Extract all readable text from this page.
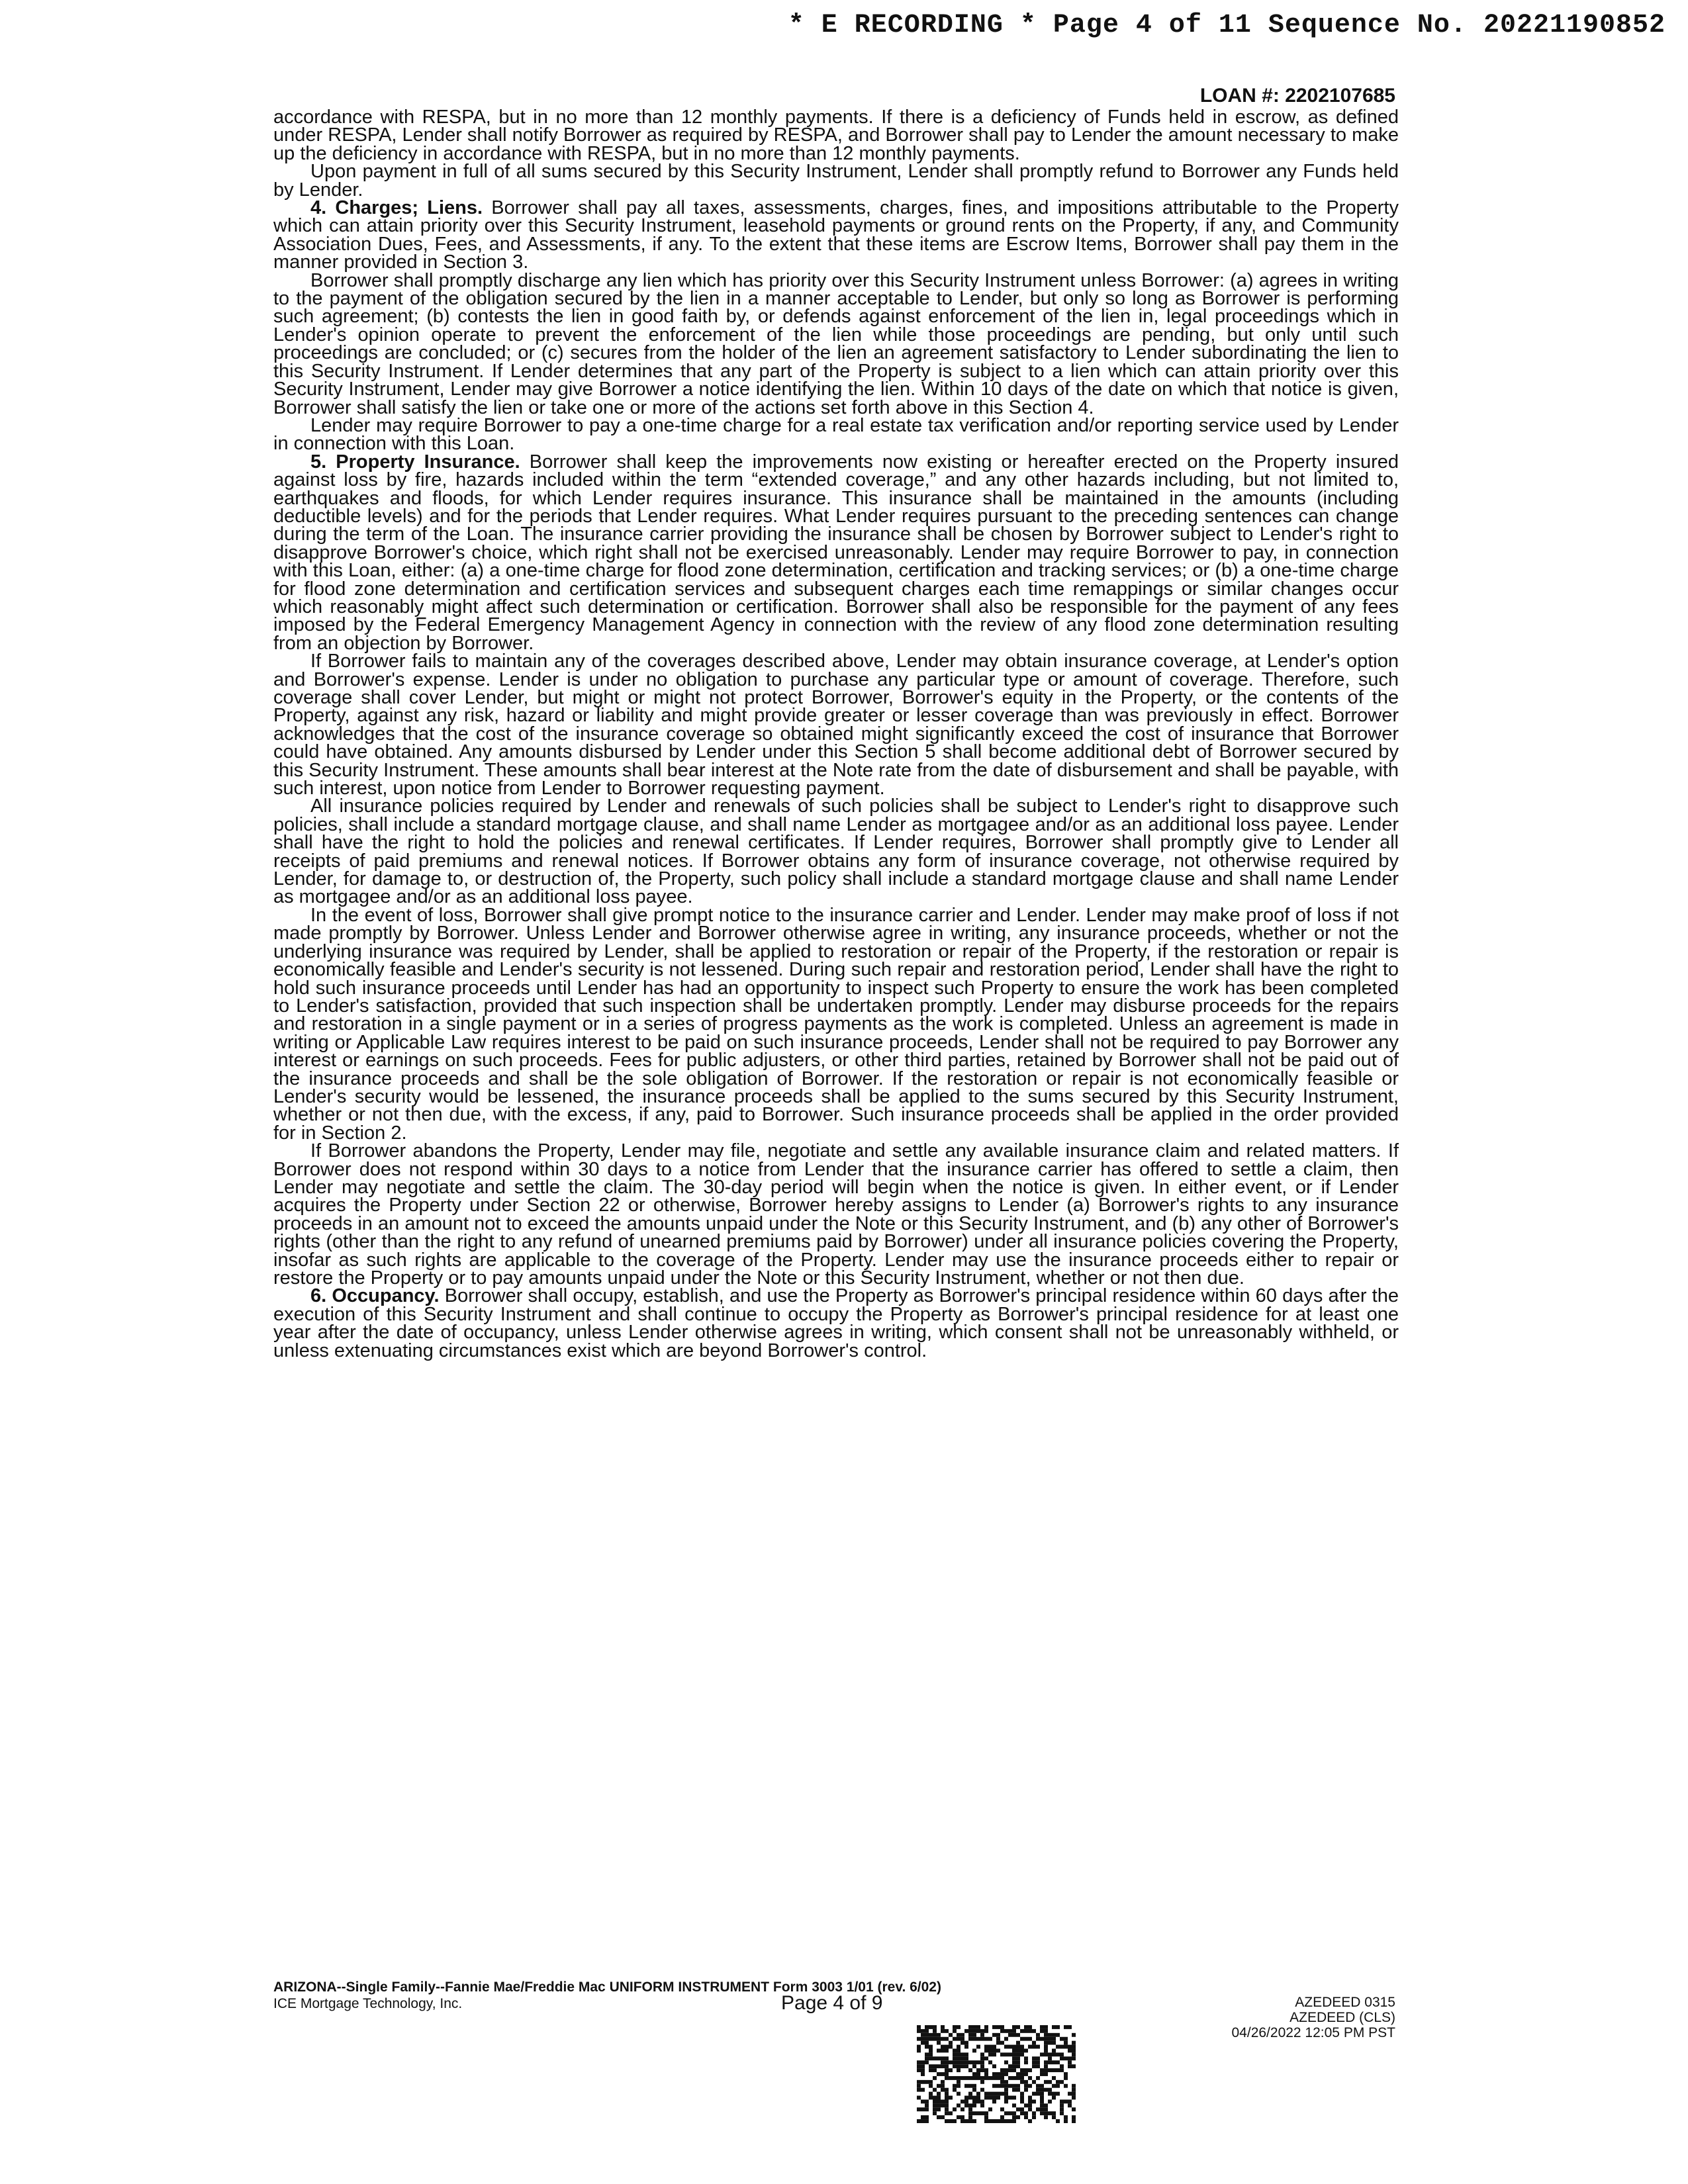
* E RECORDING * Page 4 of 11 Sequence No. 20221190852
LOAN #: 2202107685

accordance with RESPA, but in no more than 12 monthly payments. If there is a deficiency of Funds held in escrow, as defined under RESPA, Lender shall notify Borrower as required by RESPA, and Borrower shall pay to Lender the amount necessary to make up the deficiency in accordance with RESPA, but in no more than 12 monthly payments.

Upon payment in full of all sums secured by this Security Instrument, Lender shall promptly refund to Borrower any Funds held by Lender.

4. Charges; Liens. Borrower shall pay all taxes, assessments, charges, fines, and impositions attributable to the Property which can attain priority over this Security Instrument, leasehold payments or ground rents on the Property, if any, and Community Association Dues, Fees, and Assessments, if any. To the extent that these items are Escrow Items, Borrower shall pay them in the manner provided in Section 3.

Borrower shall promptly discharge any lien which has priority over this Security Instrument unless Borrower: (a) agrees in writing to the payment of the obligation secured by the lien in a manner acceptable to Lender, but only so long as Borrower is performing such agreement; (b) contests the lien in good faith by, or defends against enforcement of the lien in, legal proceedings which in Lender's opinion operate to prevent the enforcement of the lien while those proceedings are pending, but only until such proceedings are concluded; or (c) secures from the holder of the lien an agreement satisfactory to Lender subordinating the lien to this Security Instrument. If Lender determines that any part of the Property is subject to a lien which can attain priority over this Security Instrument, Lender may give Borrower a notice identifying the lien. Within 10 days of the date on which that notice is given, Borrower shall satisfy the lien or take one or more of the actions set forth above in this Section 4.

Lender may require Borrower to pay a one-time charge for a real estate tax verification and/or reporting service used by Lender in connection with this Loan.

5. Property Insurance. Borrower shall keep the improvements now existing or hereafter erected on the Property insured against loss by fire, hazards included within the term “extended coverage,” and any other hazards including, but not limited to, earthquakes and floods, for which Lender requires insurance. This insurance shall be maintained in the amounts (including deductible levels) and for the periods that Lender requires. What Lender requires pursuant to the preceding sentences can change during the term of the Loan. The insurance carrier providing the insurance shall be chosen by Borrower subject to Lender's right to disapprove Borrower's choice, which right shall not be exercised unreasonably. Lender may require Borrower to pay, in connection with this Loan, either: (a) a one-time charge for flood zone determination, certification and tracking services; or (b) a one-time charge for flood zone determination and certification services and subsequent charges each time remappings or similar changes occur which reasonably might affect such determination or certification. Borrower shall also be responsible for the payment of any fees imposed by the Federal Emergency Management Agency in connection with the review of any flood zone determination resulting from an objection by Borrower.

If Borrower fails to maintain any of the coverages described above, Lender may obtain insurance coverage, at Lender's option and Borrower's expense. Lender is under no obligation to purchase any particular type or amount of coverage. Therefore, such coverage shall cover Lender, but might or might not protect Borrower, Borrower's equity in the Property, or the contents of the Property, against any risk, hazard or liability and might provide greater or lesser coverage than was previously in effect. Borrower acknowledges that the cost of the insurance coverage so obtained might significantly exceed the cost of insurance that Borrower could have obtained. Any amounts disbursed by Lender under this Section 5 shall become additional debt of Borrower secured by this Security Instrument. These amounts shall bear interest at the Note rate from the date of disbursement and shall be payable, with such interest, upon notice from Lender to Borrower requesting payment.

All insurance policies required by Lender and renewals of such policies shall be subject to Lender's right to disapprove such policies, shall include a standard mortgage clause, and shall name Lender as mortgagee and/or as an additional loss payee. Lender shall have the right to hold the policies and renewal certificates. If Lender requires, Borrower shall promptly give to Lender all receipts of paid premiums and renewal notices. If Borrower obtains any form of insurance coverage, not otherwise required by Lender, for damage to, or destruction of, the Property, such policy shall include a standard mortgage clause and shall name Lender as mortgagee and/or as an additional loss payee.

In the event of loss, Borrower shall give prompt notice to the insurance carrier and Lender. Lender may make proof of loss if not made promptly by Borrower. Unless Lender and Borrower otherwise agree in writing, any insurance proceeds, whether or not the underlying insurance was required by Lender, shall be applied to restoration or repair of the Property, if the restoration or repair is economically feasible and Lender's security is not lessened. During such repair and restoration period, Lender shall have the right to hold such insurance proceeds until Lender has had an opportunity to inspect such Property to ensure the work has been completed to Lender's satisfaction, provided that such inspection shall be undertaken promptly. Lender may disburse proceeds for the repairs and restoration in a single payment or in a series of progress payments as the work is completed. Unless an agreement is made in writing or Applicable Law requires interest to be paid on such insurance proceeds, Lender shall not be required to pay Borrower any interest or earnings on such proceeds. Fees for public adjusters, or other third parties, retained by Borrower shall not be paid out of the insurance proceeds and shall be the sole obligation of Borrower. If the restoration or repair is not economically feasible or Lender's security would be lessened, the insurance proceeds shall be applied to the sums secured by this Security Instrument, whether or not then due, with the excess, if any, paid to Borrower. Such insurance proceeds shall be applied in the order provided for in Section 2.

If Borrower abandons the Property, Lender may file, negotiate and settle any available insurance claim and related matters. If Borrower does not respond within 30 days to a notice from Lender that the insurance carrier has offered to settle a claim, then Lender may negotiate and settle the claim. The 30-day period will begin when the notice is given. In either event, or if Lender acquires the Property under Section 22 or otherwise, Borrower hereby assigns to Lender (a) Borrower's rights to any insurance proceeds in an amount not to exceed the amounts unpaid under the Note or this Security Instrument, and (b) any other of Borrower's rights (other than the right to any refund of unearned premiums paid by Borrower) under all insurance policies covering the Property, insofar as such rights are applicable to the coverage of the Property. Lender may use the insurance proceeds either to repair or restore the Property or to pay amounts unpaid under the Note or this Security Instrument, whether or not then due.

6. Occupancy. Borrower shall occupy, establish, and use the Property as Borrower's principal residence within 60 days after the execution of this Security Instrument and shall continue to occupy the Property as Borrower's principal residence for at least one year after the date of occupancy, unless Lender otherwise agrees in writing, which consent shall not be unreasonably withheld, or unless extenuating circumstances exist which are beyond Borrower's control.

ARIZONA--Single Family--Fannie Mae/Freddie Mac UNIFORM INSTRUMENT Form 3003 1/01 (rev. 6/02)
ICE Mortgage Technology, Inc.	Page 4 of 9	AZEDEED 0315
AZEDEED (CLS)
04/26/2022 12:05 PM PST
